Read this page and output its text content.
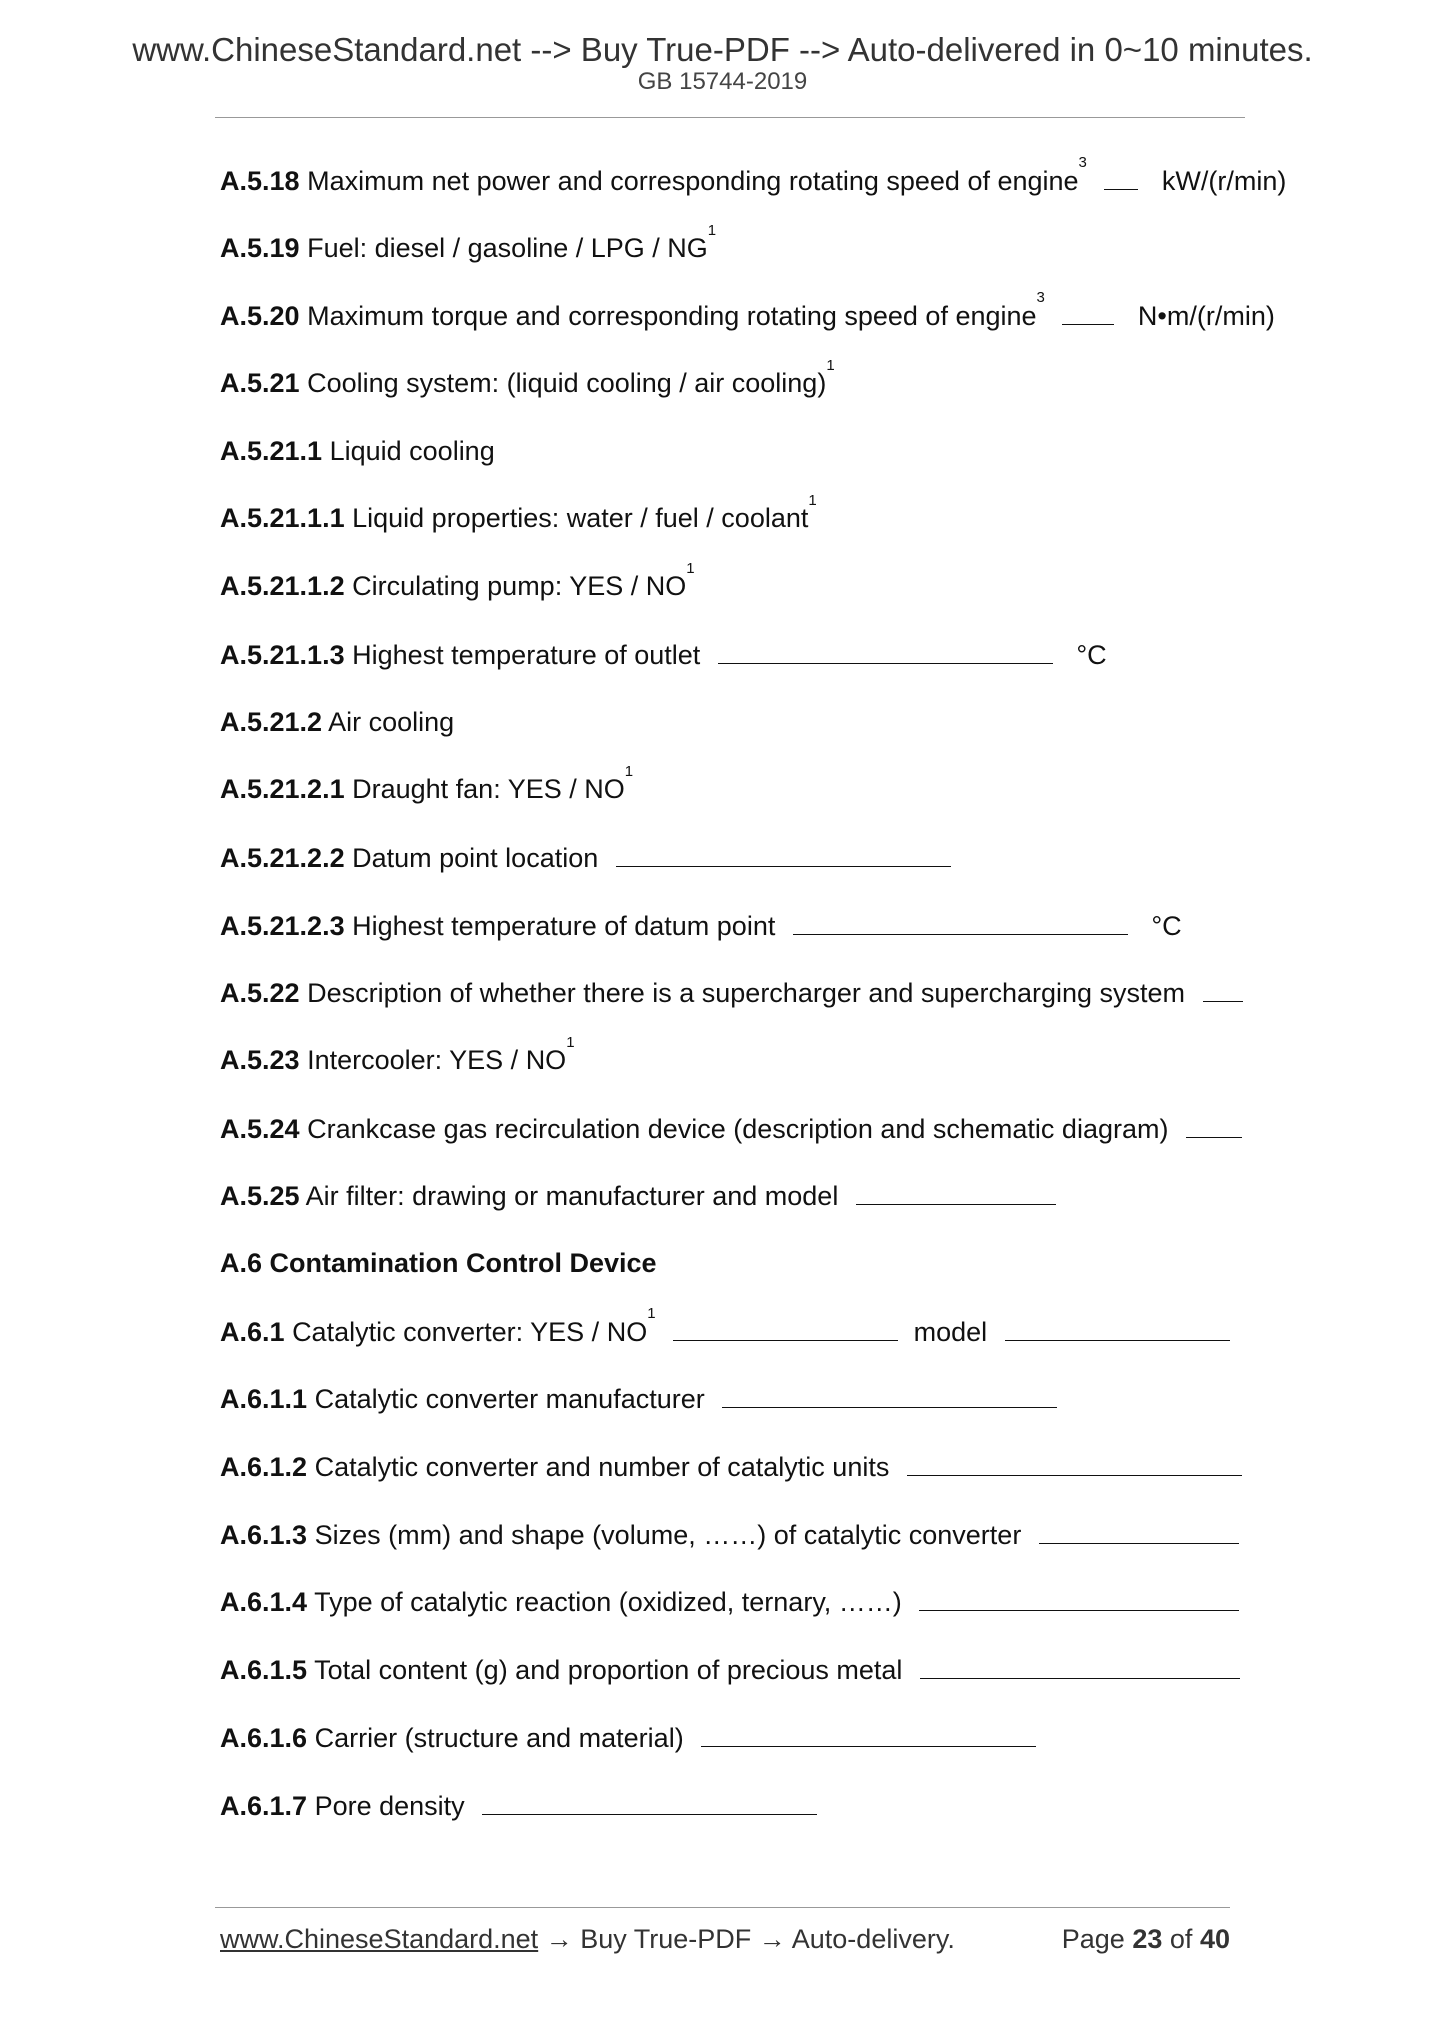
www.ChineseStandard.net --> Buy True-PDF --> Auto-delivered in 0~10 minutes.
GB 15744-2019
A.5.18 Maximum net power and corresponding rotating speed of engine$^3$  kW/(r/min)
A.5.19 Fuel: diesel / gasoline / LPG / $NG^1$
A.5.20 Maximum torque and corresponding rotating speed of engine$^3$  N•m/(r/min)
A.5.21 Cooling system: (liquid cooling / air cooling)$^1$
A.5.21.1 Liquid cooling
A.5.21.1.1 Liquid properties: water / fuel / coolant$^1$
A.5.21.1.2 Circulating pump: YES / $NO^1$
A.5.21.1.3 Highest temperature of outlet	°C
A.5.21.2 Air cooling
A.5.21.2.1 Draught fan: YES / $NO^1$
A.5.21.2.2 Datum point location
A.5.21.2.3 Highest temperature of datum point	°C
A.5.22 Description of whether there is a supercharger and supercharging system
A.5.23 Intercooler: YES / $NO^1$
A.5.24 Crankcase gas recirculation device (description and schematic diagram)
A.5.25 Air filter: drawing or manufacturer and model
A.6 Contamination Control Device
A.6.1 Catalytic converter: YES / $NO^1$  model
A.6.1.1 Catalytic converter manufacturer
A.6.1.2 Catalytic converter and number of catalytic units
A.6.1.3 Sizes (mm) and shape (volume, ……) of catalytic converter
A.6.1.4 Type of catalytic reaction (oxidized, ternary, ……)
A.6.1.5 Total content (g) and proportion of precious metal
A.6.1.6 Carrier (structure and material)
A.6.1.7 Pore density
www.ChineseStandard.net → Buy True-PDF → Auto-delivery.	Page 23 of 40
